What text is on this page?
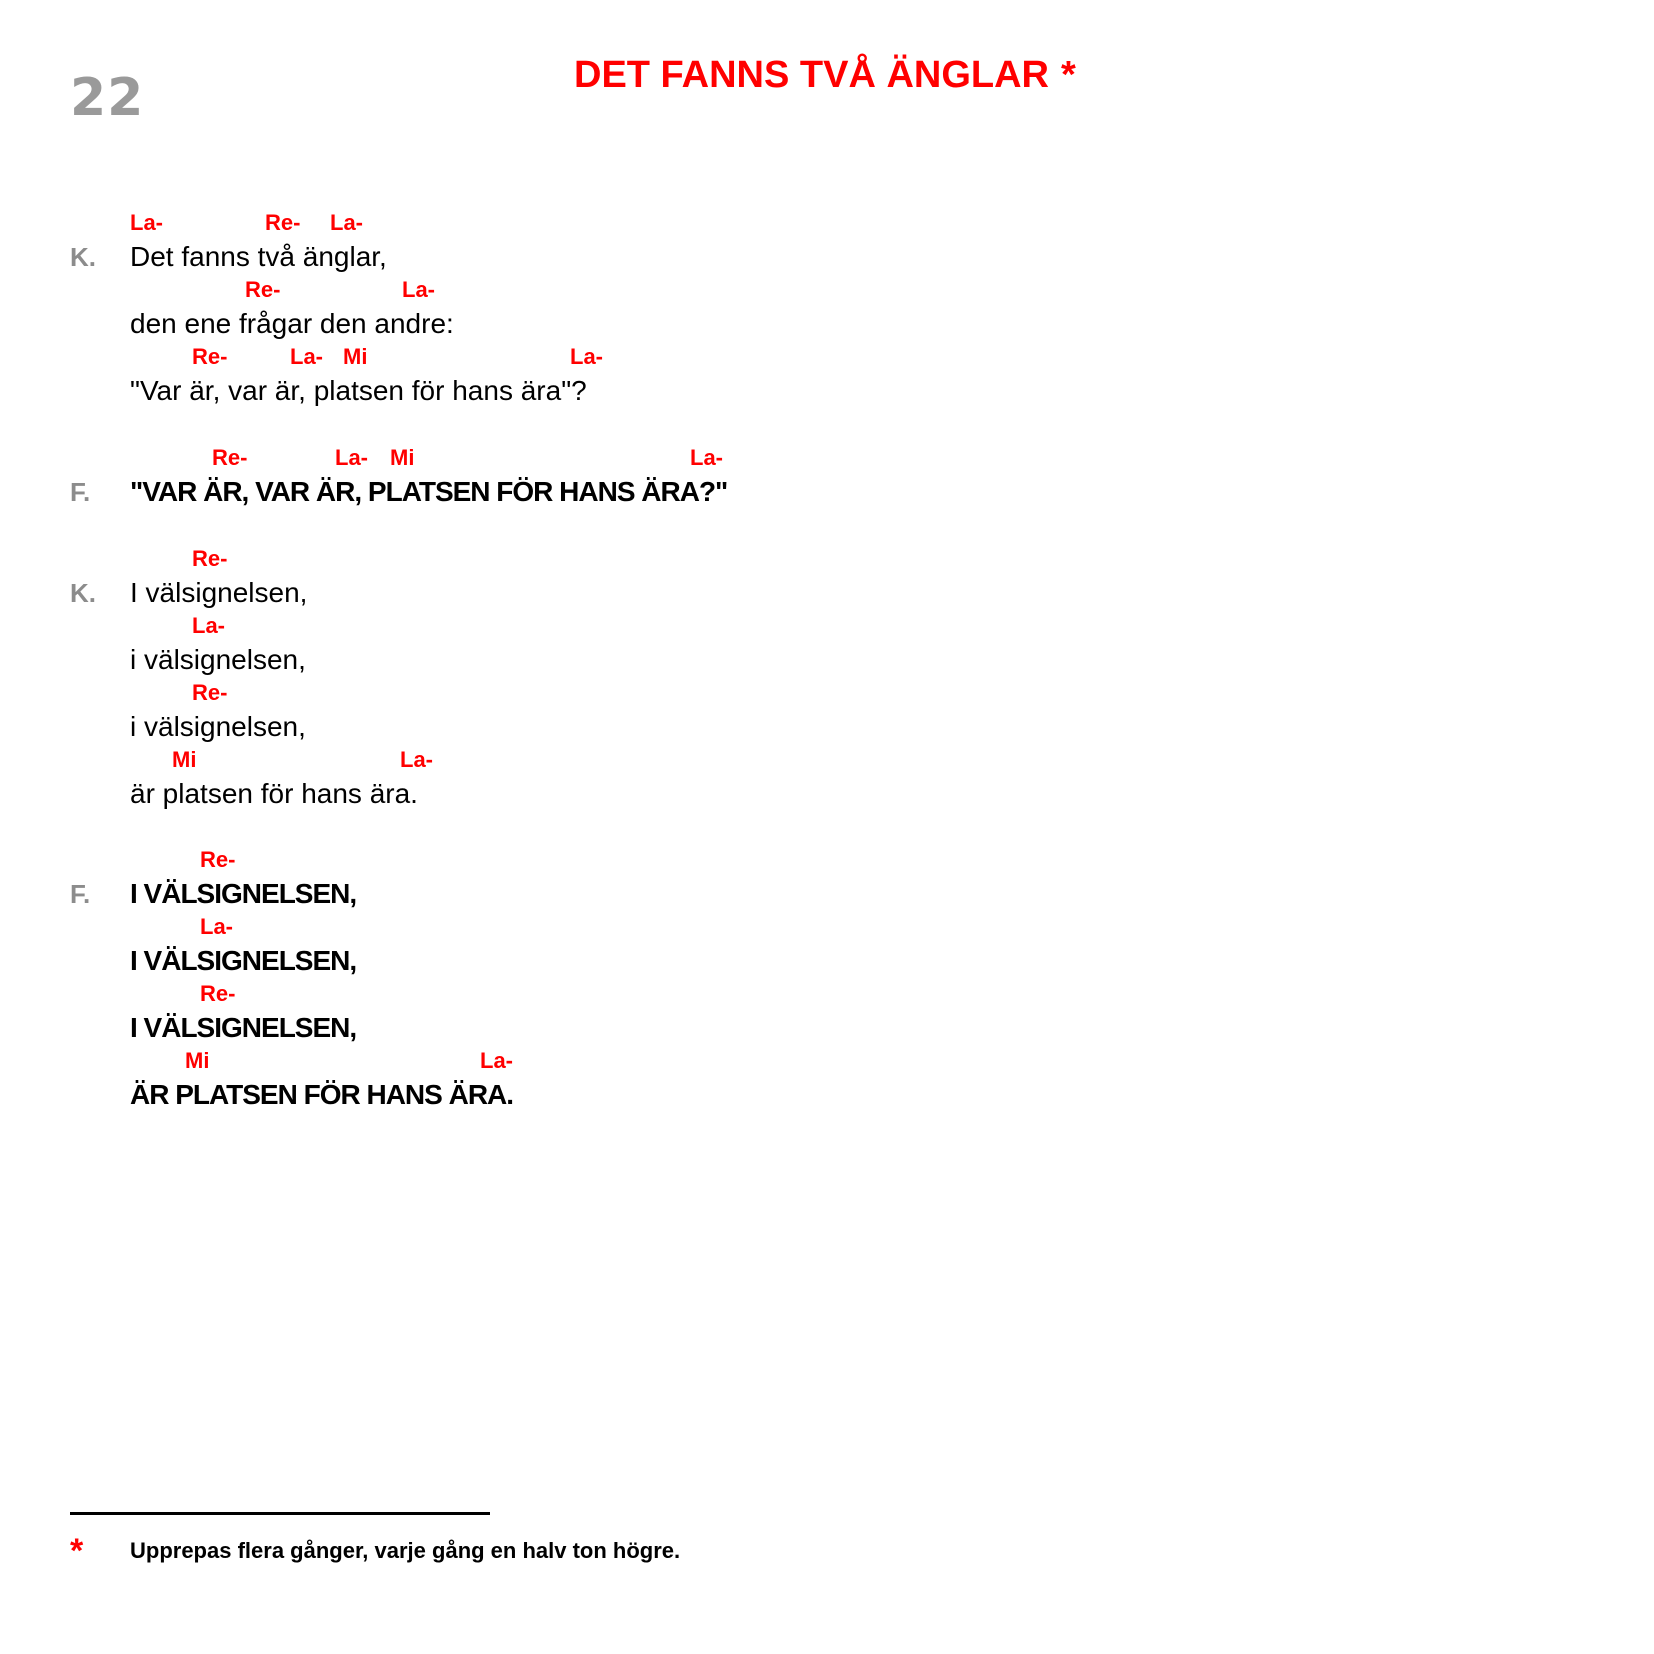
22	DET FANNS TVÅ ÄNGLAR *
La-	Re- La-
K. Det fanns två änglar,
Re-	La-
den ene frågar den andre:
Re-	La- Mi	La-
"Var är, var är, platsen för hans ära"?
Re-	La- Mi	La-
F. "VAR ÄR, VAR ÄR, PLATSEN FÖR HANS ÄRA?"
Re-
K. I välsignelsen,
La-
i välsignelsen,
Re-
i välsignelsen,
Mi	La-
är platsen för hans ära.
Re-
F. I VÄLSIGNELSEN,
La-
I VÄLSIGNELSEN,
Re-
I VÄLSIGNELSEN,
Mi	La-
ÄR PLATSEN FÖR HANS ÄRA.
* Upprepas flera gånger, varje gång en halv ton högre.
